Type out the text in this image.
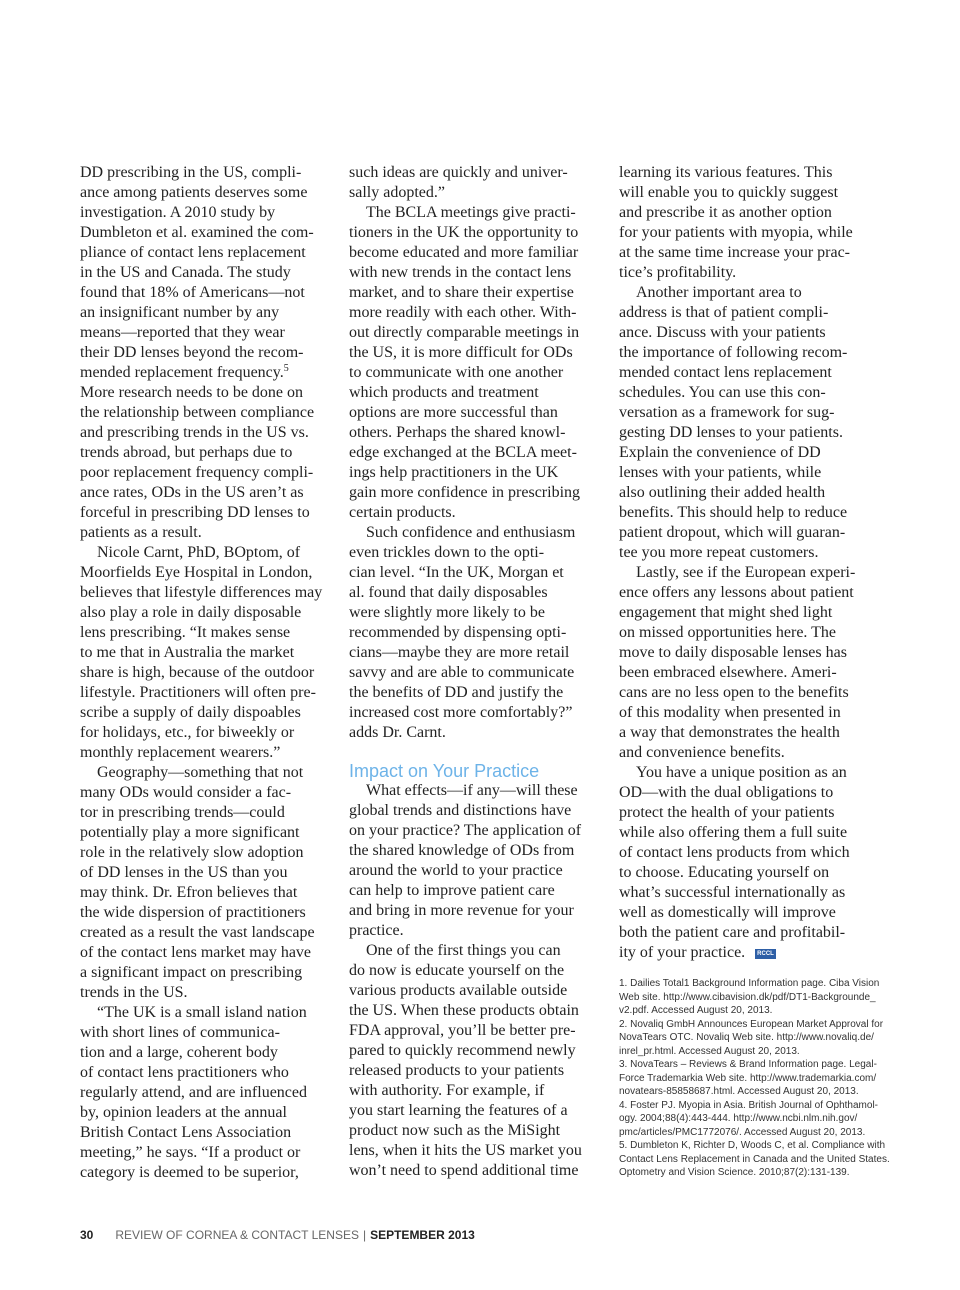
DD prescribing in the US, compli-
ance among patients deserves some
investigation. A 2010 study by
Dumbleton et al. examined the com-
pliance of contact lens replacement
in the US and Canada. The study
found that 18% of Americans—not
an insignificant number by any
means—reported that they wear
their DD lenses beyond the recom-
mended replacement frequency.$^5$
More research needs to be done on
the relationship between compliance
and prescribing trends in the US vs.
trends abroad, but perhaps due to
poor replacement frequency compli-
ance rates, ODs in the US aren’t as
forceful in prescribing DD lenses to
patients as a result.
Nicole Carnt, PhD, BOptom, of
Moorfields Eye Hospital in London,
believes that lifestyle differences may
also play a role in daily disposable
lens prescribing. “It makes sense
to me that in Australia the market
share is high, because of the outdoor
lifestyle. Practitioners will often pre-
scribe a supply of daily dispoables
for holidays, etc., for biweekly or
monthly replacement wearers.”
Geography—something that not
many ODs would consider a fac-
tor in prescribing trends—could
potentially play a more significant
role in the relatively slow adoption
of DD lenses in the US than you
may think. Dr. Efron believes that
the wide dispersion of practitioners
created as a result the vast landscape
of the contact lens market may have
a significant impact on prescribing
trends in the US.
“The UK is a small island nation
with short lines of communica-
tion and a large, coherent body
of contact lens practitioners who
regularly attend, and are influenced
by, opinion leaders at the annual
British Contact Lens Association
meeting,” he says. “If a product or
category is deemed to be superior,
such ideas are quickly and univer-
sally adopted.”
The BCLA meetings give practi-
tioners in the UK the opportunity to
become educated and more familiar
with new trends in the contact lens
market, and to share their expertise
more readily with each other. With-
out directly comparable meetings in
the US, it is more difficult for ODs
to communicate with one another
which products and treatment
options are more successful than
others. Perhaps the shared knowl-
edge exchanged at the BCLA meet-
ings help practitioners in the UK
gain more confidence in prescribing
certain products.
Such confidence and enthusiasm
even trickles down to the opti-
cian level. “In the UK, Morgan et
al. found that daily disposables
were slightly more likely to be
recommended by dispensing opti-
cians—maybe they are more retail
savvy and are able to communicate
the benefits of DD and justify the
increased cost more comfortably?”
adds Dr. Carnt.
Impact on Your Practice
What effects—if any—will these
global trends and distinctions have
on your practice? The application of
the shared knowledge of ODs from
around the world to your practice
can help to improve patient care
and bring in more revenue for your
practice.
One of the first things you can
do now is educate yourself on the
various products available outside
the US. When these products obtain
FDA approval, you’ll be better pre-
pared to quickly recommend newly
released products to your patients
with authority. For example, if
you start learning the features of a
product now such as the MiSight
lens, when it hits the US market you
won’t need to spend additional time
learning its various features. This
will enable you to quickly suggest
and prescribe it as another option
for your patients with myopia, while
at the same time increase your prac-
tice’s profitability.
Another important area to
address is that of patient compli-
ance. Discuss with your patients
the importance of following recom-
mended contact lens replacement
schedules. You can use this con-
versation as a framework for sug-
gesting DD lenses to your patients.
Explain the convenience of DD
lenses with your patients, while
also outlining their added health
benefits. This should help to reduce
patient dropout, which will guaran-
tee you more repeat customers.
Lastly, see if the European experi-
ence offers any lessons about patient
engagement that might shed light
on missed opportunities here. The
move to daily disposable lenses has
been embraced elsewhere. Ameri-
cans are no less open to the benefits
of this modality when presented in
a way that demonstrates the health
and convenience benefits.
You have a unique position as an
OD—with the dual obligations to
protect the health of your patients
while also offering them a full suite
of contact lens products from which
to choose. Educating yourself on
what’s successful internationally as
well as domestically will improve
both the patient care and profitabil-
ity of your practice. RCCL
1. Dailies Total1 Background Information page. Ciba Vision
Web site. http://www.cibavision.dk/pdf/DT1-Backgrounde_
v2.pdf. Accessed August 20, 2013.
2. Novaliq GmbH Announces European Market Approval for
NovaTears OTC. Novaliq Web site. http://www.novaliq.de/
inrel_pr.html. Accessed August 20, 2013.
3. NovaTears – Reviews & Brand Information page. Legal-
Force Trademarkia Web site. http://www.trademarkia.com/
novatears-85858687.html. Accessed August 20, 2013.
4. Foster PJ. Myopia in Asia. British Journal of Ophthamol-
ogy. 2004;88(4):443-444. http://www.ncbi.nlm.nih.gov/
pmc/articles/PMC1772076/. Accessed August 20, 2013.
5. Dumbleton K, Richter D, Woods C, et al. Compliance with
Contact Lens Replacement in Canada and the United States.
Optometry and Vision Science. 2010;87(2):131-139.
30 REVIEW OF CORNEA & CONTACT LENSES | SEPTEMBER 2013
